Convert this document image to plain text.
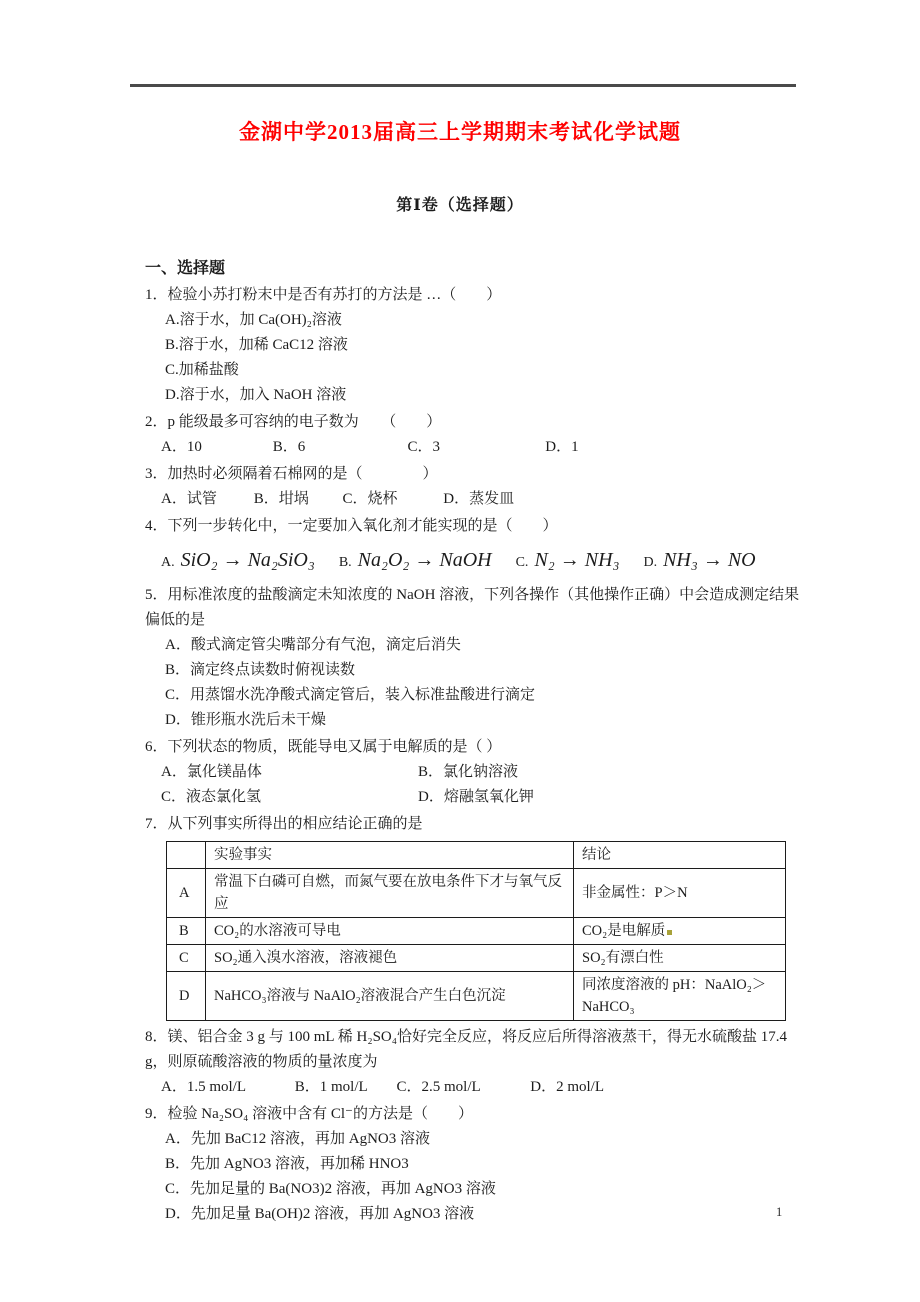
金湖中学2013届高三上学期期末考试化学试题
第Ⅰ卷（选择题）
一、选择题
1．检验小苏打粉末中是否有苏打的方法是 …（　　）
A.溶于水，加 Ca(OH)₂溶液
B.溶于水，加稀 CaC12 溶液
C.加稀盐酸
D.溶于水，加入 NaOH 溶液
2．p 能级最多可容纳的电子数为　　（　　）
A．10	B．6	C．3	D．1
3．加热时必须隔着石棉网的是（　　　　）
A．试管 B．坩埚 C．烧杯	D．蒸发皿
4．下列一步转化中，一定要加入氧化剂才能实现的是（　　）
A. SiO₂ → Na₂SiO₃ B. Na₂O₂ → NaOH C. N₂ → NH₃ D. NH₃ → NO
5．用标准浓度的盐酸滴定未知浓度的 NaOH 溶液，下列各操作（其他操作正确）中会造成测定结果偏低的是
A．酸式滴定管尖嘴部分有气泡，滴定后消失
B．滴定终点读数时俯视读数
C．用蒸馏水洗净酸式滴定管后，装入标准盐酸进行滴定
D．锥形瓶水洗后未干燥
6．下列状态的物质，既能导电又属于电解质的是（ ）
A．氯化镁晶体	B．氯化钠溶液
C．液态氯化氢	D．熔融氢氧化钾
7．从下列事实所得出的相应结论正确的是
	实验事实	结论
A	常温下白磷可自燃，而氮气要在放电条件下才与氧气反应	非金属性：P＞N
B	CO₂的水溶液可导电	CO₂是电解质
C	SO₂通入溴水溶液，溶液褪色	SO₂有漂白性
D	NaHCO₃溶液与 NaAlO₂溶液混合产生白色沉淀	同浓度溶液的 pH：NaAlO₂＞NaHCO₃
8．镁、铝合金 3 g 与 100 mL 稀 H₂SO₄恰好完全反应，将反应后所得溶液蒸干，得无水硫酸盐 17.4 g，则原硫酸溶液的物质的量浓度为
A．1.5 mol/L	B．1 mol/L C．2.5 mol/L	D．2 mol/L
9．检验 Na₂SO₄ 溶液中含有 Cl⁻的方法是（　　）
A．先加 BaC12 溶液，再加 AgNO3 溶液
B．先加 AgNO3 溶液，再加稀 HNO3
C．先加足量的 Ba(NO3)2 溶液，再加 AgNO3 溶液
D．先加足量 Ba(OH)2 溶液，再加 AgNO3 溶液	1
